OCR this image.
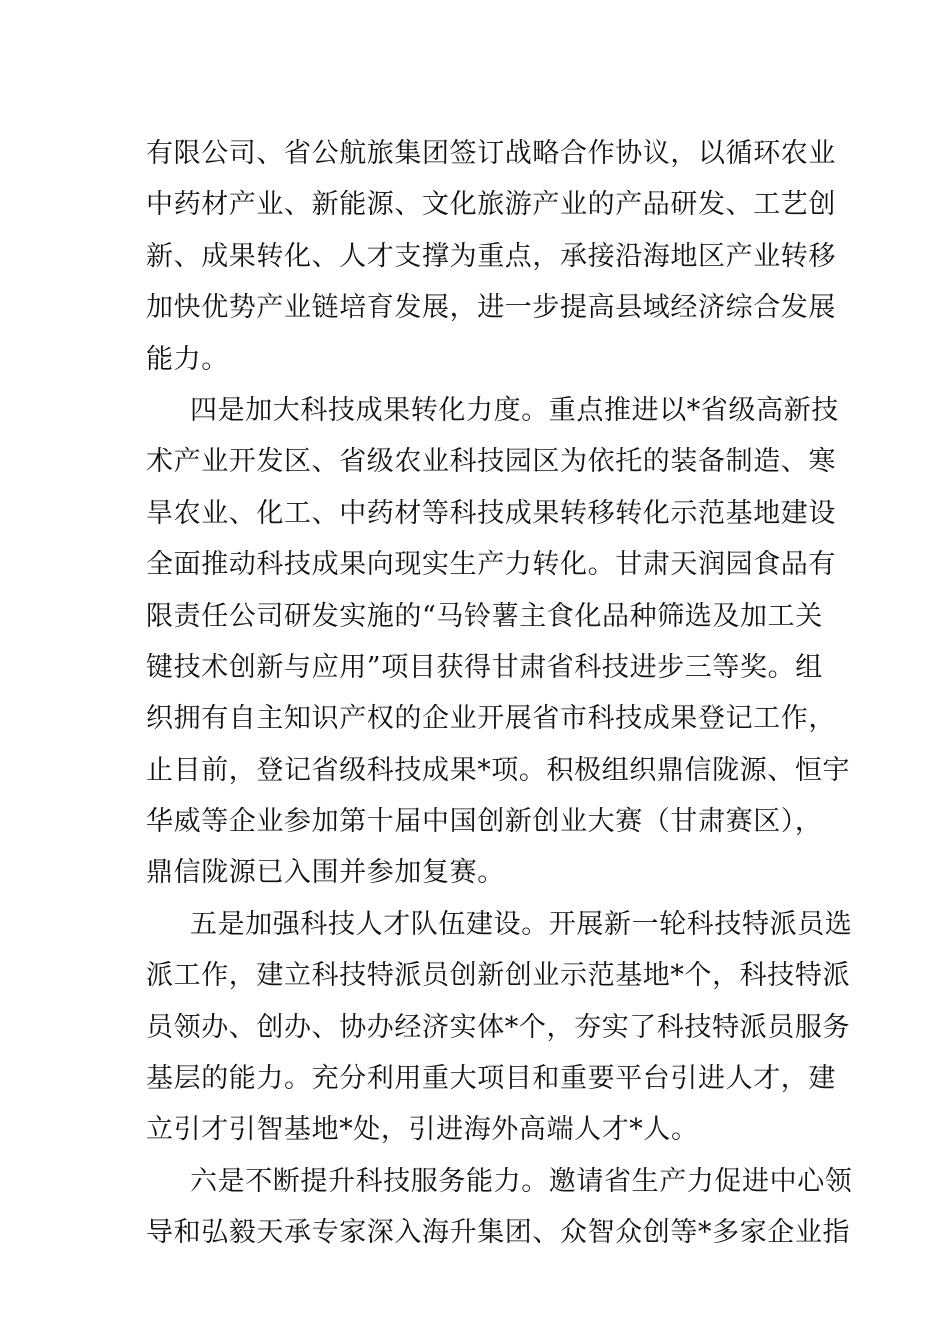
有限公司、省公航旅集团签订战略合作协议，以循环农业
中药材产业、新能源、文化旅游产业的产品研发、工艺创
新、成果转化、人才支撑为重点，承接沿海地区产业转移
加快优势产业链培育发展，进一步提高县域经济综合发展
能力。
四是加大科技成果转化力度。重点推进以*省级高新技
术产业开发区、省级农业科技园区为依托的装备制造、寒
旱农业、化工、中药材等科技成果转移转化示范基地建设
全面推动科技成果向现实生产力转化。甘肃天润园食品有
限责任公司研发实施的“马铃薯主食化品种筛选及加工关
键技术创新与应用”项目获得甘肃省科技进步三等奖。组
织拥有自主知识产权的企业开展省市科技成果登记工作，
止目前，登记省级科技成果*项。积极组织鼎信陇源、恒宇
华威等企业参加第十届中国创新创业大赛（甘肃赛区），
鼎信陇源已入围并参加复赛。
五是加强科技人才队伍建设。开展新一轮科技特派员选
派工作，建立科技特派员创新创业示范基地*个，科技特派
员领办、创办、协办经济实体*个，夯实了科技特派员服务
基层的能力。充分利用重大项目和重要平台引进人才，建
立引才引智基地*处，引进海外高端人才*人。
六是不断提升科技服务能力。邀请省生产力促进中心领
导和弘毅天承专家深入海升集团、众智众创等*多家企业指
